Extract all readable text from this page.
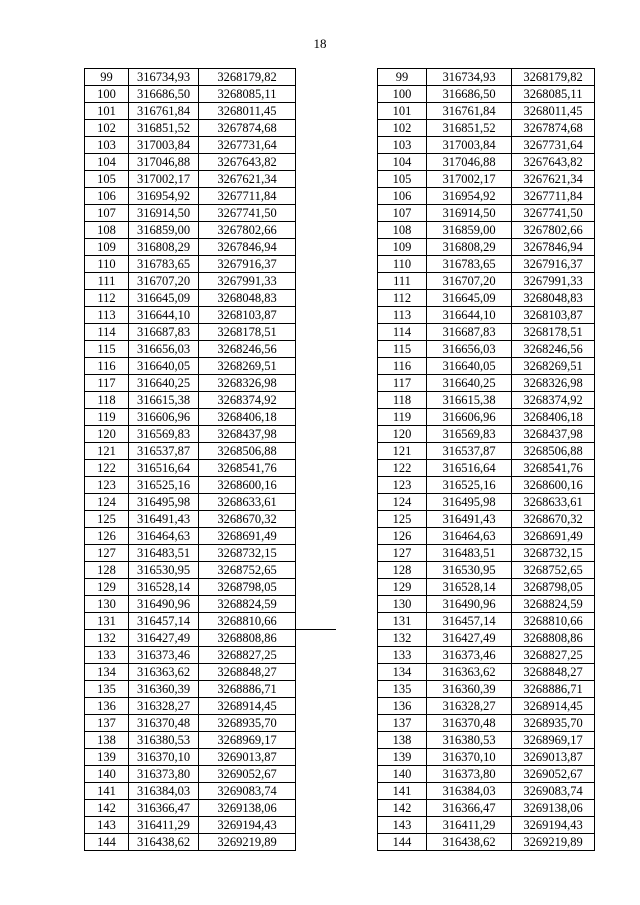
18
99	316734,93	3268179,82	
100	316686,50	3268085,11	
101	316761,84	3268011,45	
102	316851,52	3267874,68	
103	317003,84	3267731,64	
104	317046,88	3267643,82	
105	317002,17	3267621,34	
106	316954,92	3267711,84	
107	316914,50	3267741,50	
108	316859,00	3267802,66	
109	316808,29	3267846,94	
110	316783,65	3267916,37	
111	316707,20	3267991,33	
112	316645,09	3268048,83	
113	316644,10	3268103,87	
114	316687,83	3268178,51	
115	316656,03	3268246,56	
116	316640,05	3268269,51	
117	316640,25	3268326,98	
118	316615,38	3268374,92	
119	316606,96	3268406,18	
120	316569,83	3268437,98	
121	316537,87	3268506,88	
122	316516,64	3268541,76	
123	316525,16	3268600,16	
124	316495,98	3268633,61	
125	316491,43	3268670,32	
126	316464,63	3268691,49	
127	316483,51	3268732,15	
128	316530,95	3268752,65	
129	316528,14	3268798,05	
130	316490,96	3268824,59	
131	316457,14	3268810,66	
132	316427,49	3268808,86	
133	316373,46	3268827,25	
134	316363,62	3268848,27	
135	316360,39	3268886,71	
136	316328,27	3268914,45	
137	316370,48	3268935,70	
138	316380,53	3268969,17	
139	316370,10	3269013,87	
140	316373,80	3269052,67	
141	316384,03	3269083,74	
142	316366,47	3269138,06	
143	316411,29	3269194,43	
144	316438,62	3269219,89	
99	316734,93	3268179,82
100	316686,50	3268085,11
101	316761,84	3268011,45
102	316851,52	3267874,68
103	317003,84	3267731,64
104	317046,88	3267643,82
105	317002,17	3267621,34
106	316954,92	3267711,84
107	316914,50	3267741,50
108	316859,00	3267802,66
109	316808,29	3267846,94
110	316783,65	3267916,37
111	316707,20	3267991,33
112	316645,09	3268048,83
113	316644,10	3268103,87
114	316687,83	3268178,51
115	316656,03	3268246,56
116	316640,05	3268269,51
117	316640,25	3268326,98
118	316615,38	3268374,92
119	316606,96	3268406,18
120	316569,83	3268437,98
121	316537,87	3268506,88
122	316516,64	3268541,76
123	316525,16	3268600,16
124	316495,98	3268633,61
125	316491,43	3268670,32
126	316464,63	3268691,49
127	316483,51	3268732,15
128	316530,95	3268752,65
129	316528,14	3268798,05
130	316490,96	3268824,59
131	316457,14	3268810,66
132	316427,49	3268808,86
133	316373,46	3268827,25
134	316363,62	3268848,27
135	316360,39	3268886,71
136	316328,27	3268914,45
137	316370,48	3268935,70
138	316380,53	3268969,17
139	316370,10	3269013,87
140	316373,80	3269052,67
141	316384,03	3269083,74
142	316366,47	3269138,06
143	316411,29	3269194,43
144	316438,62	3269219,89
